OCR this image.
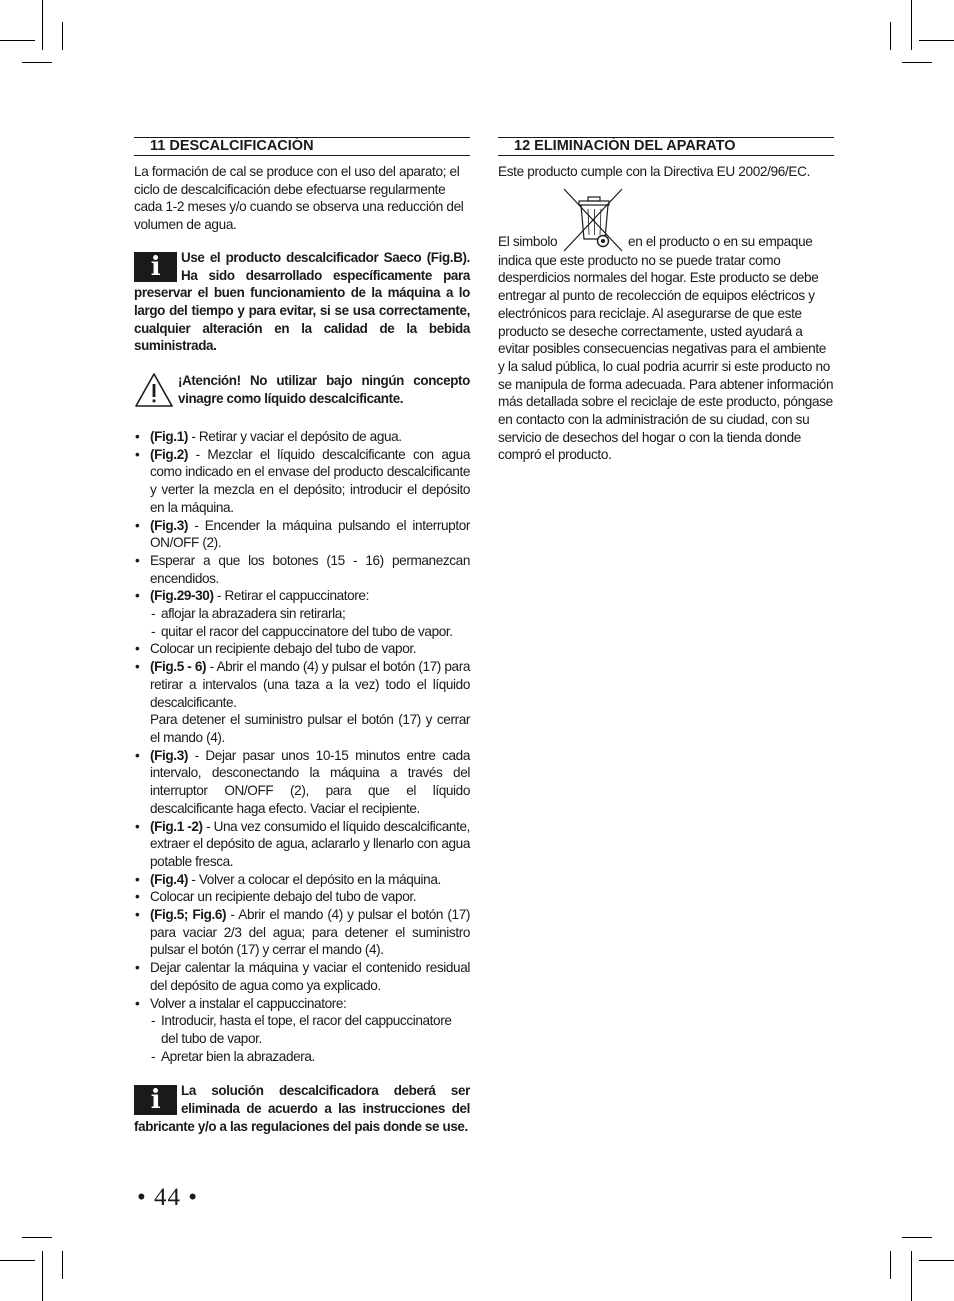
11 DESCALCIFICACIÓN

La formación de cal se produce con el uso del aparato; el ciclo de descalcificación debe efectuarse regularmente cada 1-2 meses y/o cuando se observa una reducción del volumen de agua.

i Use el producto descalcificador Saeco (Fig.B). Ha sido desarrollado específicamente para preservar el buen funcionamiento de la máquina a lo largo del tiempo y para evitar, si se usa correctamente, cualquier alteración en la calidad de la bebida suministrada.
¡Atención! No utilizar bajo ningún concepto vinagre como líquido descalcificante.
• (Fig.1) - Retirar y vaciar el depósito de agua.
• (Fig.2) - Mezclar el líquido descalcificante con agua como indicado en el envase del producto descalcificante y verter la mezcla en el depósito; introducir el depósito en la máquina.
• (Fig.3) - Encender la máquina pulsando el interruptor ON/OFF (2).
• Esperar a que los botones (15 - 16) permanezcan encendidos.
• (Fig.29-30) - Retirar el cappuccinatore:
- aflojar la abrazadera sin retirarla;
- quitar el racor del cappuccinatore del tubo de vapor.
• Colocar un recipiente debajo del tubo de vapor.
• (Fig.5 - 6) - Abrir el mando (4) y pulsar el botón (17) para retirar a intervalos (una taza a la vez) todo el líquido descalcificante.
Para detener el suministro pulsar el botón (17) y cerrar el mando (4).
• (Fig.3) - Dejar pasar unos 10-15 minutos entre cada intervalo, desconectando la máquina a través del interruptor ON/OFF (2), para que el líquido descalcificante haga efecto. Vaciar el recipiente.
• (Fig.1 -2) - Una vez consumido el líquido descalcificante, extraer el depósito de agua, aclararlo y llenarlo con agua potable fresca.
• (Fig.4) - Volver a colocar el depósito en la máquina.
• Colocar un recipiente debajo del tubo de vapor.
• (Fig.5; Fig.6) - Abrir el mando (4) y pulsar el botón (17) para vaciar 2/3 del agua; para detener el suministro pulsar el botón (17) y cerrar el mando (4).
• Dejar calentar la máquina y vaciar el contenido residual del depósito de agua como ya explicado.
• Volver a instalar el cappuccinatore:
- Introducir, hasta el tope, el racor del cappuccinatore del tubo de vapor.
- Apretar bien la abrazadera.
i La solución descalcificadora deberá ser eliminada de acuerdo a las instrucciones del fabricante y/o a las regulaciones del pais donde se use.
12 ELIMINACIÓN DEL APARATO

Este producto cumple con la Directiva EU 2002/96/EC.

El simbolo	en el producto o en su empaque

indica que este producto no se puede tratar como desperdicios normales del hogar. Este producto se debe entregar al punto de recolección de equipos eléctricos y electrónicos para reciclaje. Al asegurarse de que este producto se deseche correctamente, usted ayudará a evitar posibles consecuencias negativas para el ambiente y la salud pública, lo cual podria acurrir si este producto no se manipula de forma adecuada. Para abtener información más detallada sobre el reciclaje de este producto, póngase en contacto con la administración de su ciudad, con su servicio de desechos del hogar o con la tienda donde compró el producto.

• 44 •
